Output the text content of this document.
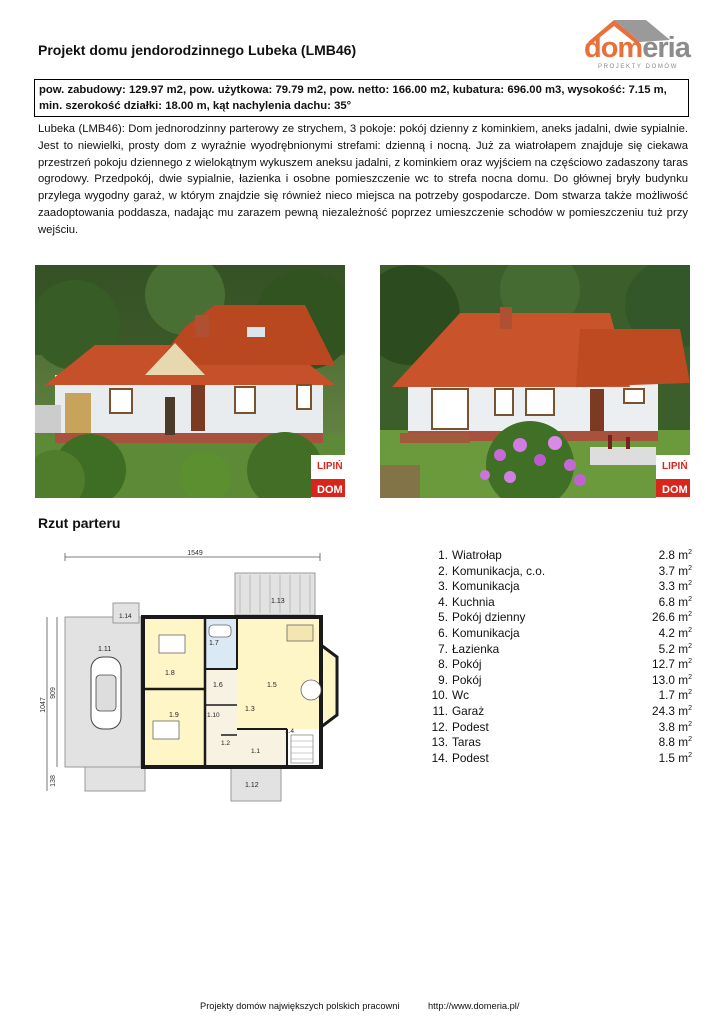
Projekt domu jendorodzinnego Lubeka (LMB46)	domeria
PROJEKTY DOMÓW
pow. zabudowy: 129.97 m2, pow. użytkowa: 79.79 m2, pow. netto: 166.00 m2, kubatura: 696.00 m3, wysokość: 7.15 m, min. szerokość działki: 18.00 m, kąt nachylenia dachu: 35°
Lubeka (LMB46): Dom jednorodzinny parterowy ze strychem, 3 pokoje: pokój dzienny z kominkiem, aneks jadalni, dwie sypialnie. Jest to niewielki, prosty dom z wyraźnie wyodrębnionymi strefami: dzienną i nocną. Już za wiatrołapem znajduje się ciekawa przestrzeń pokoju dziennego z wielokątnym wykuszem aneksu jadalni, z kominkiem oraz wyjściem na częściowo zadaszony taras ogrodowy. Przedpokój, dwie sypialnie, łazienka i osobne pomieszczenie wc to strefa nocna domu. Do głównej bryły budynku przylega wygodny garaż, w którym znajdzie się również nieco miejsca na potrzeby gospodarcze. Dom stwarza także możliwość zaadoptowania poddasza, nadając mu zarazem pewną niezależność poprzez umieszczenie schodów w pomieszczeniu tuż przy wejściu.
LIPIŃ
DOM
LIPIŃ
DOM
Rzut parteru
1549
1047
909
138
1.11
1.14
1.13
1.8
1.9
1.7
1.6	1.5
1.3
1.10
1.2
1.4
1.1
1.12
1. Wiatrołap	2.8 $m^2$
2. Komunikacja, c.o.	3.7 $m^2$
3. Komunikacja	3.3 $m^2$
4. Kuchnia	6.8 $m^2$
5. Pokój dzienny	26.6 $m^2$
6. Komunikacja	4.2 $m^2$
7. Łazienka	5.2 $m^2$
8. Pokój	12.7 $m^2$
9. Pokój	13.0 $m^2$
10. Wc	1.7 $m^2$
11. Garaż	24.3 $m^2$
12. Podest	3.8 $m^2$
13. Taras	8.8 $m^2$
14. Podest	1.5 $m^2$
Projekty domów największych polskich pracowni	http://www.domeria.pl/
